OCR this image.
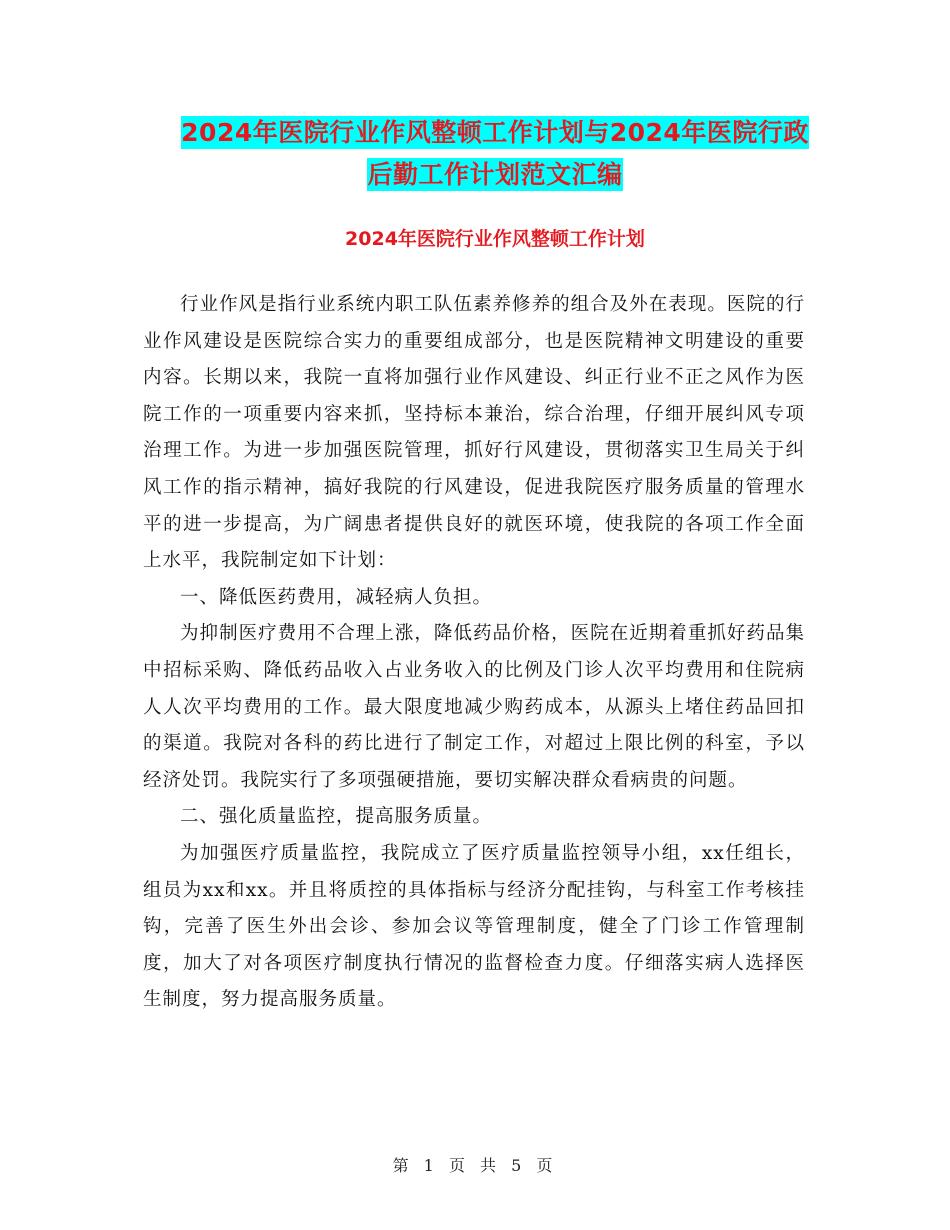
2024年医院行业作风整顿工作计划与2024年医院行政
后勤工作计划范文汇编
2024年医院行业作风整顿工作计划

行业作风是指行业系统内职工队伍素养修养的组合及外在表现。医院的行业作风建设是医院综合实力的重要组成部分，也是医院精神文明建设的重要内容。长期以来，我院一直将加强行业作风建设、纠正行业不正之风作为医院工作的一项重要内容来抓，坚持标本兼治，综合治理，仔细开展纠风专项治理工作。为进一步加强医院管理，抓好行风建设，贯彻落实卫生局关于纠风工作的指示精神，搞好我院的行风建设，促进我院医疗服务质量的管理水平的进一步提高，为广阔患者提供良好的就医环境，使我院的各项工作全面上水平，我院制定如下计划：

一、降低医药费用，减轻病人负担。

为抑制医疗费用不合理上涨，降低药品价格，医院在近期着重抓好药品集中招标采购、降低药品收入占业务收入的比例及门诊人次平均费用和住院病人人次平均费用的工作。最大限度地减少购药成本，从源头上堵住药品回扣的渠道。我院对各科的药比进行了制定工作，对超过上限比例的科室，予以经济处罚。我院实行了多项强硬措施，要切实解决群众看病贵的问题。

二、强化质量监控，提高服务质量。

为加强医疗质量监控，我院成立了医疗质量监控领导小组，xx任组长，组员为xx和xx。并且将质控的具体指标与经济分配挂钩，与科室工作考核挂钩，完善了医生外出会诊、参加会议等管理制度，健全了门诊工作管理制度，加大了对各项医疗制度执行情况的监督检查力度。仔细落实病人选择医生制度，努力提高服务质量。

第 1 页 共 5 页
